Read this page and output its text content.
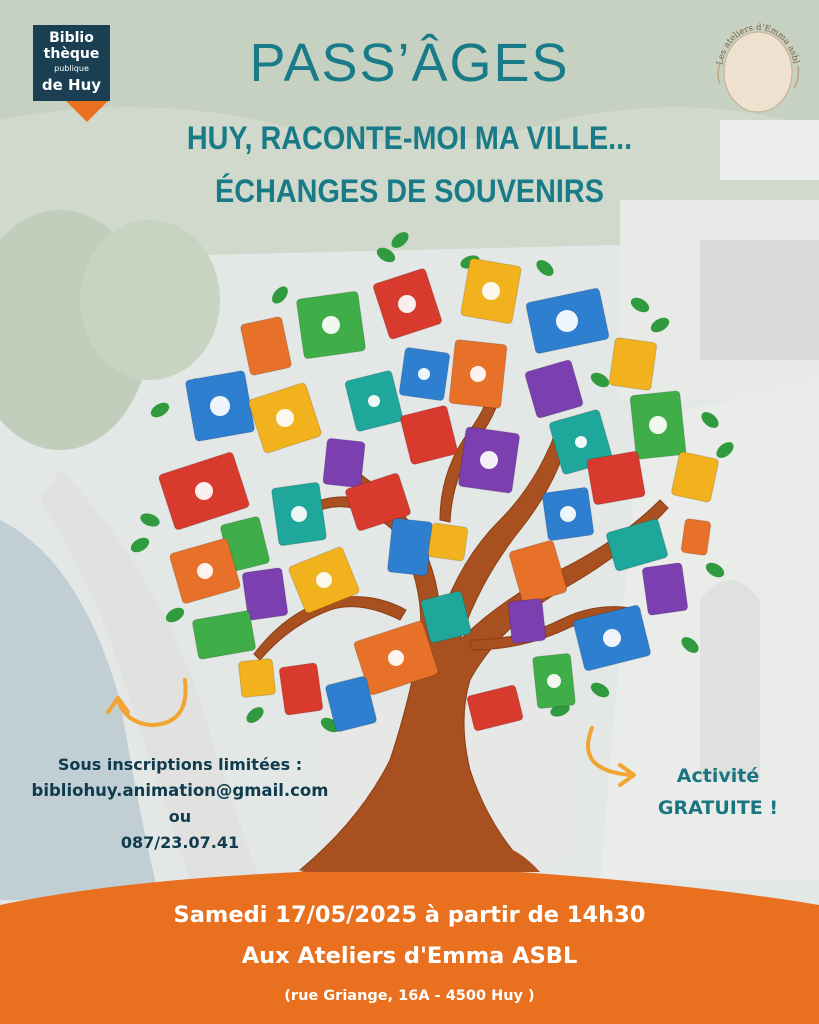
Biblio
thèque
publique
de Huy
Les ateliers d'Emma asbl
PASS’ÂGES
HUY, RACONTE-MOI MA VILLE...
ÉCHANGES DE SOUVENIRS
Sous inscriptions limitées :
bibliohuy.animation@gmail.com
ou
087/23.07.41
Activité
GRATUITE !
Samedi 17/05/2025 à partir de 14h30
Aux Ateliers d'Emma ASBL
(rue Griange, 16A - 4500 Huy )
